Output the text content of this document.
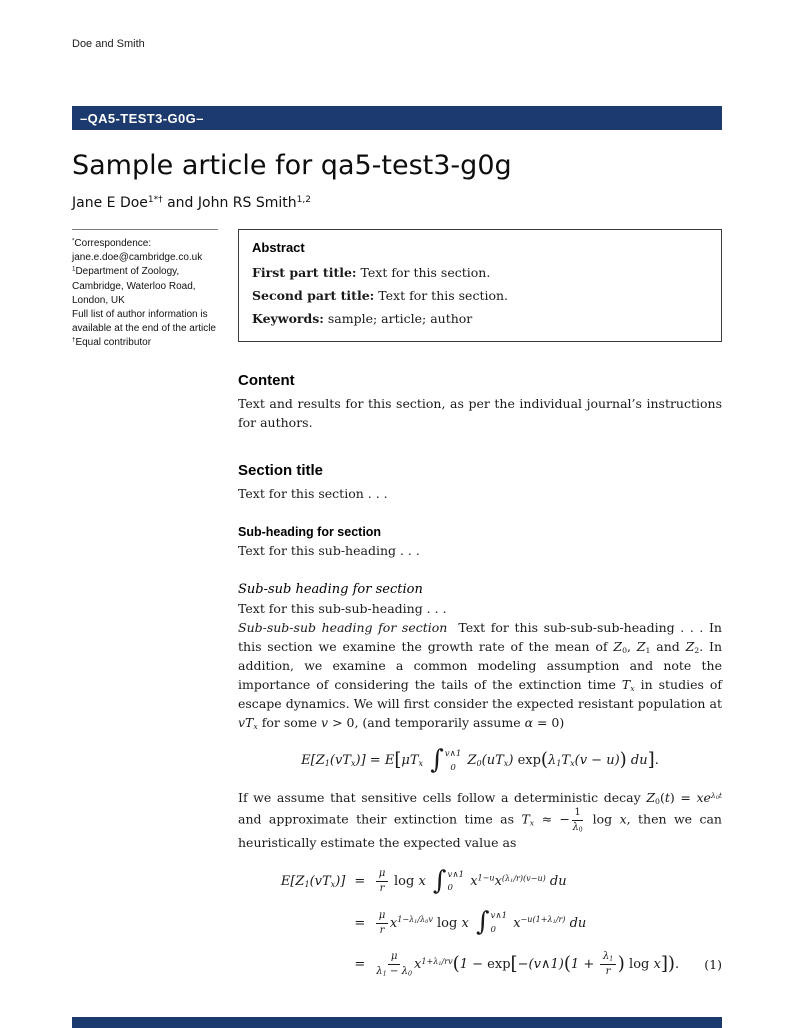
Doe and Smith
–QA5-TEST3-G0G–
Sample article for qa5-test3-g0g
Jane E Doe$^{1*\dagger}$ and John RS Smith$^{1,2}$

*Correspondence:
jane.e.doe@cambridge.co.uk

$^1$Department of Zoology, Cambridge, Waterloo Road, London, UK

Full list of author information is available at the end of the article

†Equal contributor

Abstract
First part title: Text for this section.
Second part title: Text for this section.
Keywords: sample; article; author
Content

Text and results for this section, as per the individual journal’s instructions for authors.

Section title

Text for this section . . .

Sub-heading for section

Text for this sub-heading . . .

Sub-sub heading for section

Text for this sub-sub-heading . . .

Sub-sub-sub heading for section Text for this sub-sub-sub-heading . . . In this section we examine the growth rate of the mean of $Z_0$, $Z_1$ and $Z_2$. In addition, we examine a common modeling assumption and note the importance of considering the tails of the extinction time $T_x$ in studies of escape dynamics. We will first consider the expected resistant population at $vT_x$ for some v > 0, (and temporarily assume α = 0)

$E[Z_1(vT_x)] = E[\mu T_x$ ∫ v∧1
0 $Z_0(uT_x) \exp(\lambda_1T_x(v - u))$ du].

If we assume that sensitive cells follow a deterministic decay $Z_0(t) = xe^{\lambda_0t}$ and approximate their extinction time as $T_x$ ≈ − $\frac{1}{\lambda_0}$ log x, then we can heuristically estimate the expected value as

$E[Z_1(vT_x)] = \frac{\mu}{r}$ log x ∫ v∧1
0	$x^{1-u}x^{(\lambda_1/r)(v-u)}$ du
= $\frac{\mu}{r} x^{1-\lambda_1/\lambda_0v}$ log x ∫ v∧1
0	$x^{-u(1+\lambda_1/r)}$ du
= $\frac{\mu}{\lambda_1 - \lambda_0} x^{1+\lambda_1/rv}(1$ − exp[−(v∧1)(1 + $\frac{\lambda_1}{r}$ ) log x]). (1)
